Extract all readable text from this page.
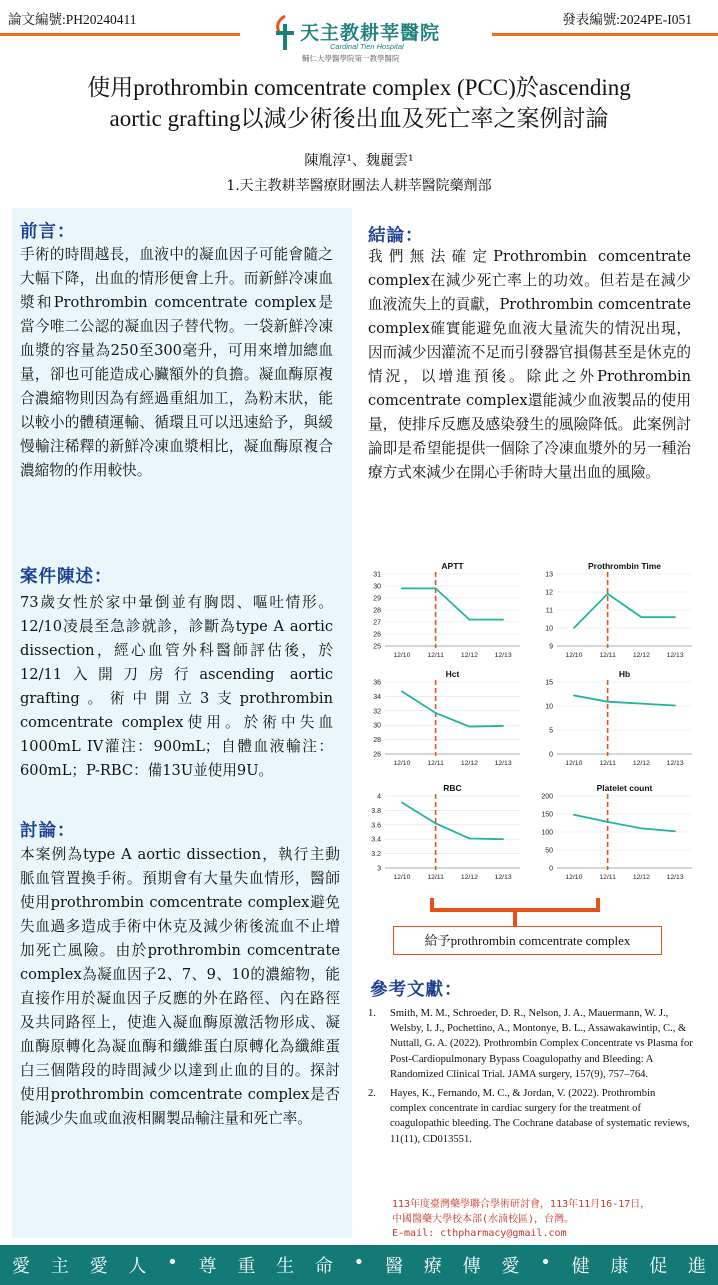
論文編號:PH20240411	發表編號:2024PE-I051
天主教耕莘醫院
Cardinal Tien Hospital
輔仁大學醫學院第一教學醫院
使用prothrombin comcentrate complex (PCC)於ascending
aortic grafting以減少術後出血及死亡率之案例討論
陳胤淳¹、魏麗雲¹
1.天主教耕莘醫療財團法人耕莘醫院藥劑部
前言：
手術的時間越長，血液中的凝血因子可能會隨之大幅下降，出血的情形便會上升。而新鮮冷凍血漿和Prothrombin comcentrate complex是當今唯二公認的凝血因子替代物。一袋新鮮冷凍血漿的容量為250至300毫升，可用來增加總血量，卻也可能造成心臟額外的負擔。凝血酶原複合濃縮物則因為有經過重組加工，為粉末狀，能以較小的體積運輸、循環且可以迅速給予，與緩慢輸注稀釋的新鮮冷凍血漿相比，凝血酶原複合濃縮物的作用較快。
案件陳述：
73歲女性於家中暈倒並有胸悶、嘔吐情形。12/10凌晨至急診就診，診斷為type A aortic dissection，經心血管外科醫師評估後，於12/11入開刀房行ascending aortic grafting。術中開立3支prothrombin comcentrate complex使用。於術中失血1000mL IV灌注：900mL；自體血液輸注：600mL；P-RBC：備13U並使用9U。
討論：
本案例為type A aortic dissection，執行主動脈血管置換手術。預期會有大量失血情形，醫師使用prothrombin comcentrate complex避免失血過多造成手術中休克及減少術後流血不止增加死亡風險。由於prothrombin comcentrate complex為凝血因子2、7、9、10的濃縮物，能直接作用於凝血因子反應的外在路徑、內在路徑及共同路徑上，使進入凝血酶原激活物形成、凝血酶原轉化為凝血酶和纖維蛋白原轉化為纖維蛋白三個階段的時間減少以達到止血的目的。探討使用prothrombin comcentrate complex是否能減少失血或血液相關製品輸注量和死亡率。
結論：
我們無法確定Prothrombin comcentrate complex在減少死亡率上的功效。但若是在減少血液流失上的貢獻，Prothrombin comcentrate complex確實能避免血液大量流失的情況出現，因而減少因灌流不足而引發器官損傷甚至是休克的情況，以增進預後。除此之外Prothrombin comcentrate complex還能減少血液製品的使用量，使排斥反應及感染發生的風險降低。此案例討論即是希望能提供一個除了冷凍血漿外的另一種治療方式來減少在開心手術時大量出血的風險。
APTT
25
26
27
28
29
30
31
12/10 12/11 12/12 12/13
Prothrombin Time
9
10
11
12
13
12/10 12/11 12/12 12/13
Hct
26
28
30
32
34
36
12/10 12/11 12/12 12/13
Hb
0
5
10
15
12/10 12/11 12/12 12/13
RBC
3
3.2
3.4
3.6
3.8
4
12/10 12/11 12/12 12/13
Platelet count
0
50
100
150
200
12/10 12/11 12/12 12/13
給予prothrombin comcentrate complex
參考文獻：
1. Smith, M. M., Schroeder, D. R., Nelson, J. A., Mauermann, W. J., Welsby, I. J., Pochettino, A., Montonye, B. L., Assawakawintip, C., & Nuttall, G. A. (2022). Prothrombin Complex Concentrate vs Plasma for Post-Cardiopulmonary Bypass Coagulopathy and Bleeding: A Randomized Clinical Trial. JAMA surgery, 157(9), 757–764.
2. Hayes, K., Fernando, M. C., & Jordan, V. (2022). Prothrombin complex concentrate in cardiac surgery for the treatment of coagulopathic bleeding. The Cochrane database of systematic reviews, 11(11), CD013551.
113年度臺灣藥學聯合學術研討會，113年11月16-17日，
中國醫藥大學校本部(水湳校區)，台灣。
E-mail: cthpharmacy@gmail.com
愛 主 愛 人 • 尊 重 生 命 • 醫 療 傳 愛 • 健 康 促 進
